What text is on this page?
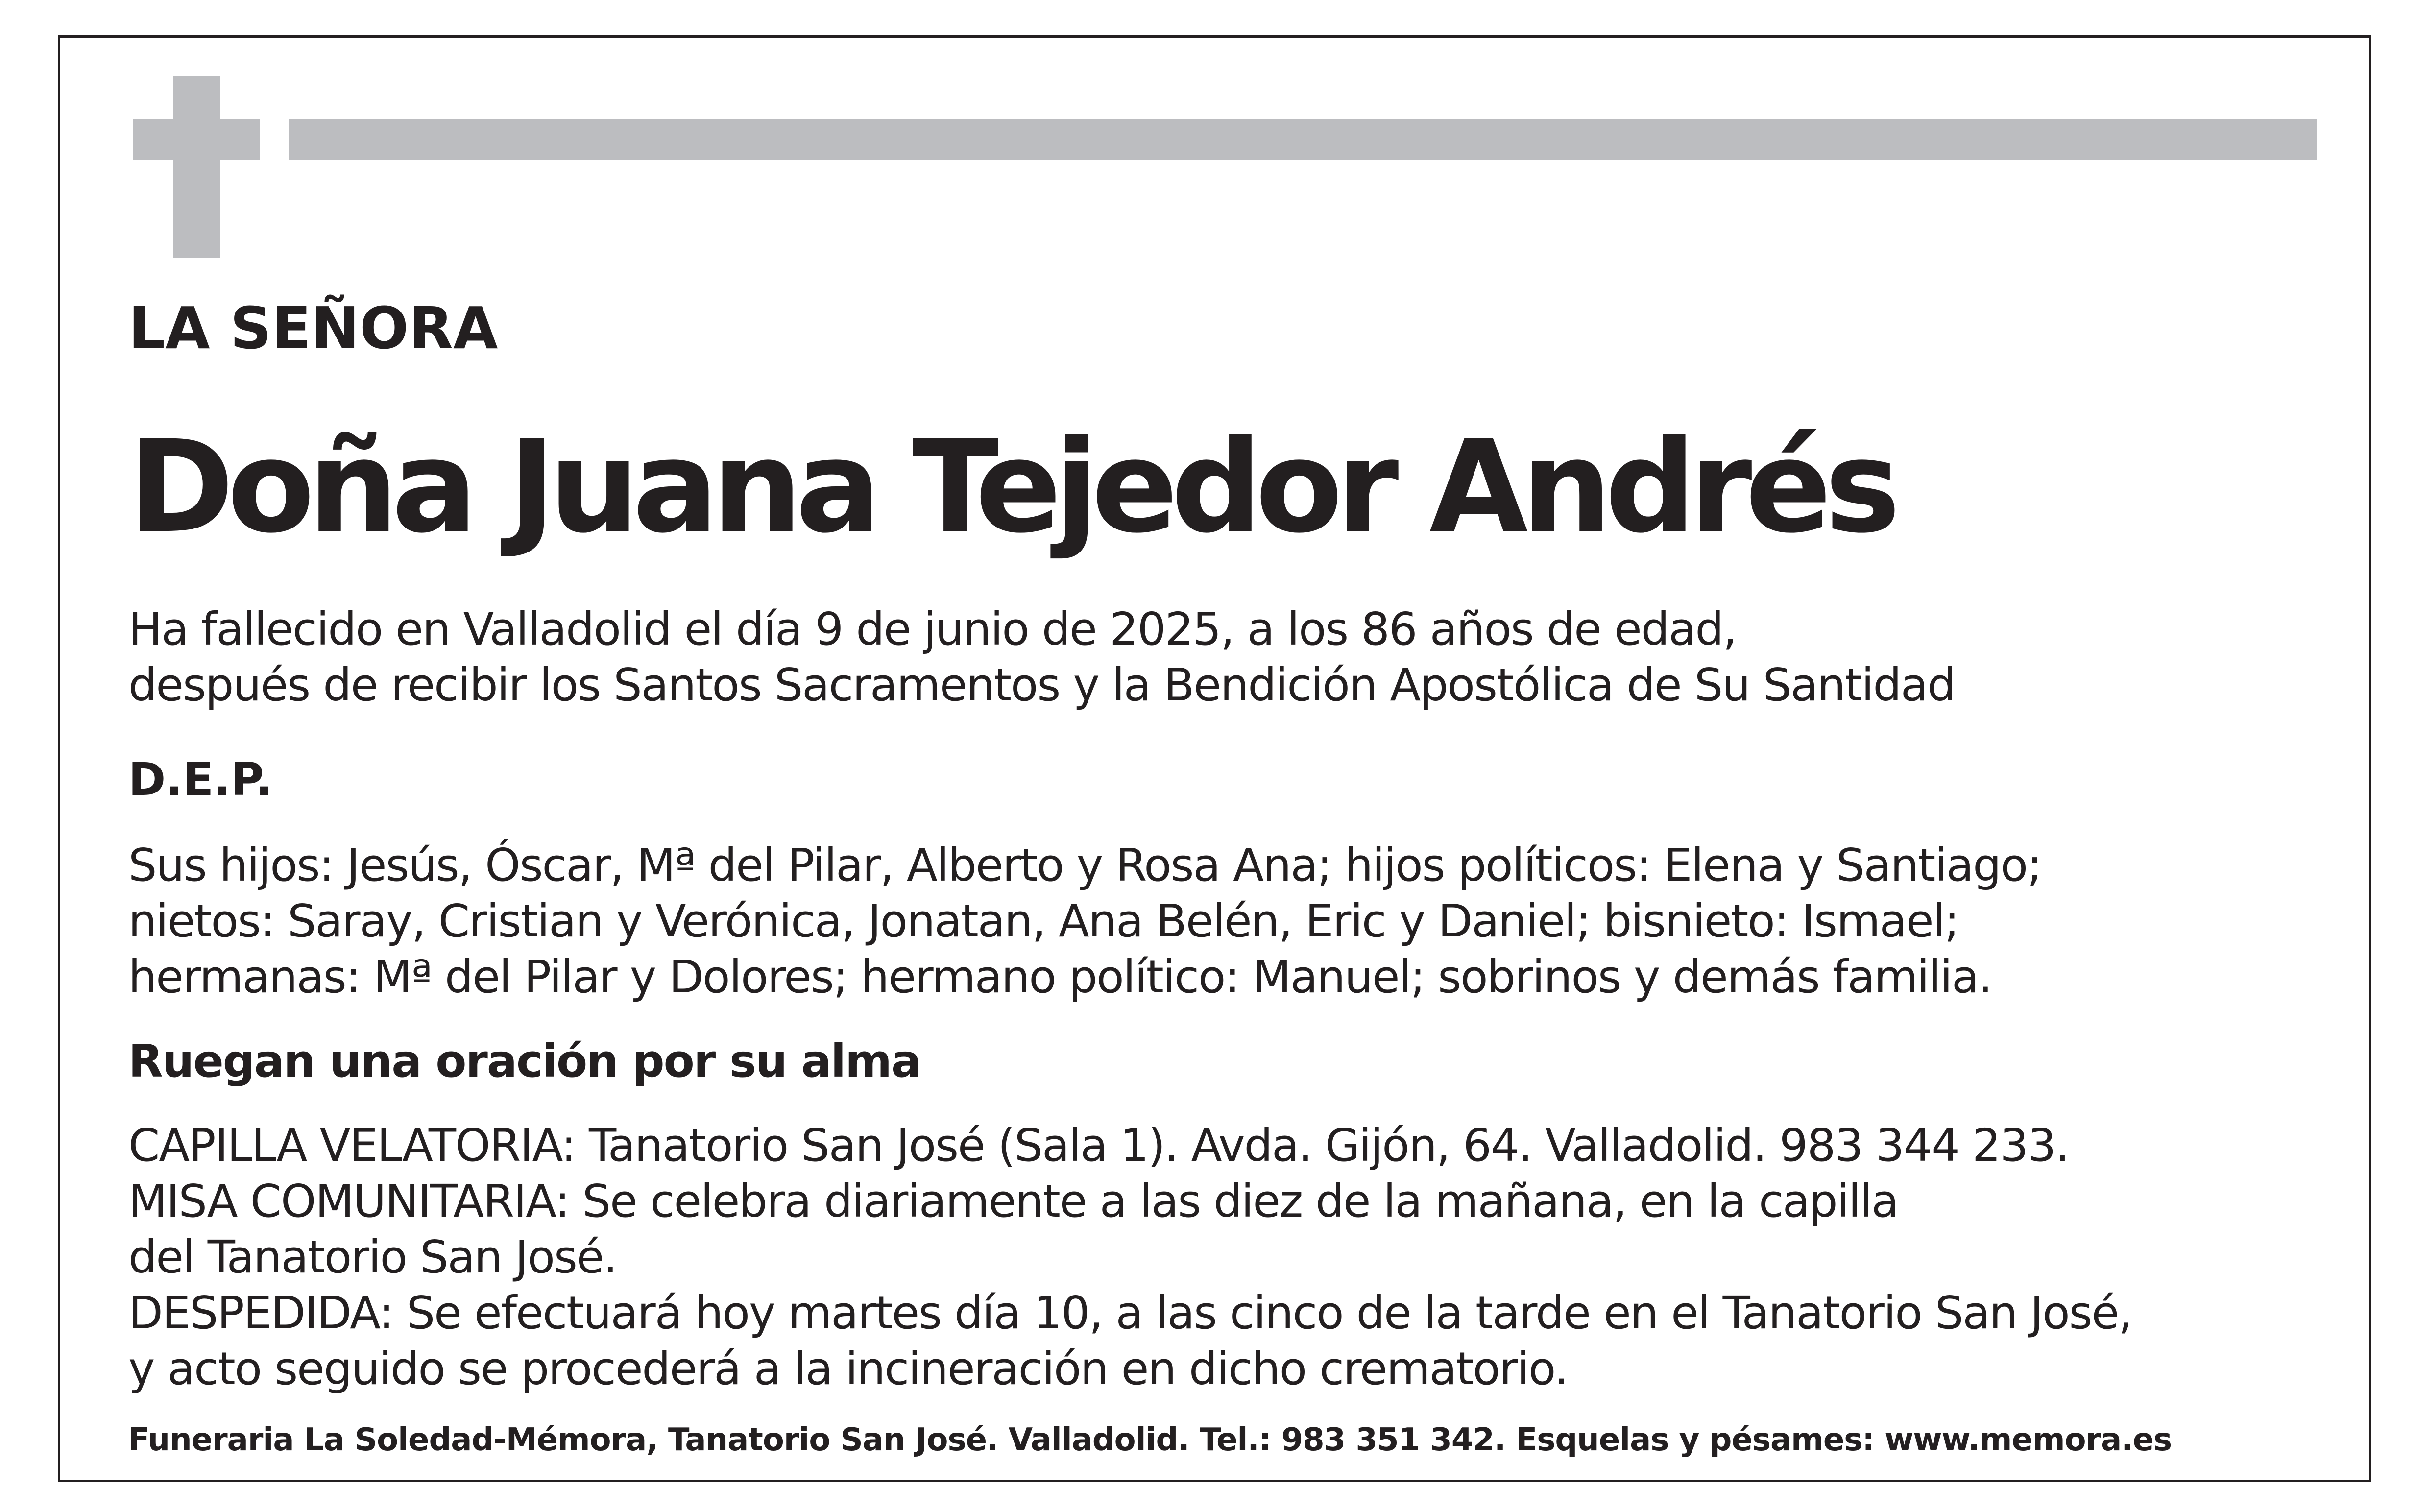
LA SEÑORA

Doña Juana Tejedor Andrés
Ha fallecido en Valladolid el día 9 de junio de 2025, a los 86 años de edad,
después de recibir los Santos Sacramentos y la Bendición Apostólica de Su Santidad

D.E.P.

Sus hijos: Jesús, Óscar, Mª del Pilar, Alberto y Rosa Ana; hijos políticos: Elena y Santiago;
nietos: Saray, Cristian y Verónica, Jonatan, Ana Belén, Eric y Daniel; bisnieto: Ismael;
hermanas: Mª del Pilar y Dolores; hermano político: Manuel; sobrinos y demás familia.

Ruegan una oración por su alma

CAPILLA VELATORIA: Tanatorio San José (Sala 1). Avda. Gijón, 64. Valladolid. 983 344 233.
MISA COMUNITARIA: Se celebra diariamente a las diez de la mañana, en la capilla
del Tanatorio San José.
DESPEDIDA: Se efectuará hoy martes día 10, a las cinco de la tarde en el Tanatorio San José,
y acto seguido se procederá a la incineración en dicho crematorio.

Funeraria La Soledad-Mémora, Tanatorio San José. Valladolid. Tel.: 983 351 342. Esquelas y pésames: www.memora.es
